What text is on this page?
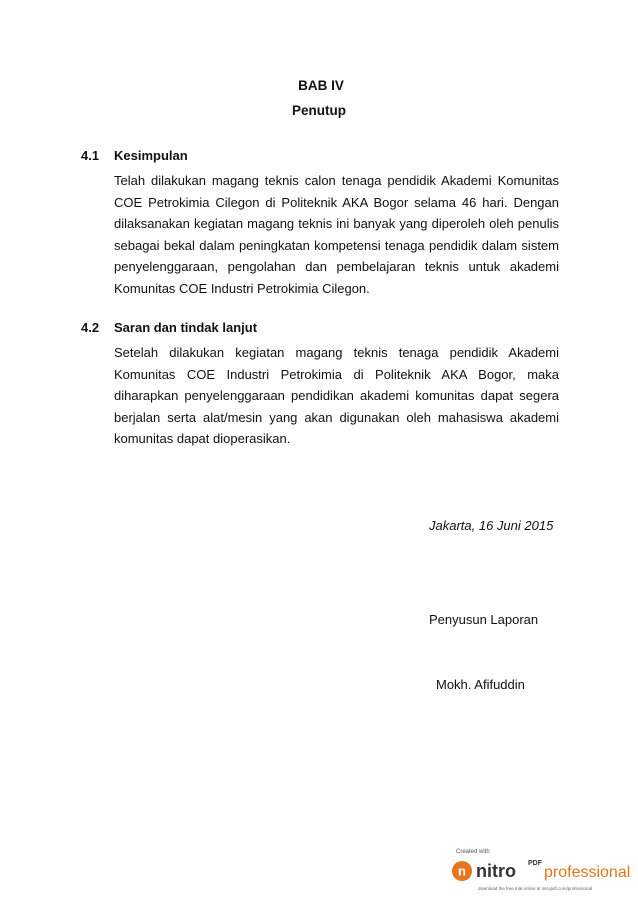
BAB IV
Penutup
4.1 Kesimpulan
Telah dilakukan magang teknis calon tenaga pendidik Akademi Komunitas COE Petrokimia Cilegon di Politeknik AKA Bogor selama 46 hari. Dengan dilaksanakan kegiatan magang teknis ini banyak yang diperoleh oleh penulis sebagai bekal dalam peningkatan kompetensi tenaga pendidik dalam sistem penyelenggaraan, pengolahan dan pembelajaran teknis untuk akademi Komunitas COE Industri Petrokimia Cilegon.
4.2 Saran dan tindak lanjut
Setelah dilakukan kegiatan magang teknis tenaga pendidik Akademi Komunitas COE Industri Petrokimia di Politeknik AKA Bogor, maka diharapkan penyelenggaraan pendidikan akademi komunitas dapat segera berjalan serta alat/mesin yang akan digunakan oleh mahasiswa akademi komunitas dapat dioperasikan.
Jakarta, 16 Juni 2015
Penyusun Laporan
Mokh. Afifuddin
Created with
n nitro PDF
professional
download the free trial online at nitropdf.com/professional
